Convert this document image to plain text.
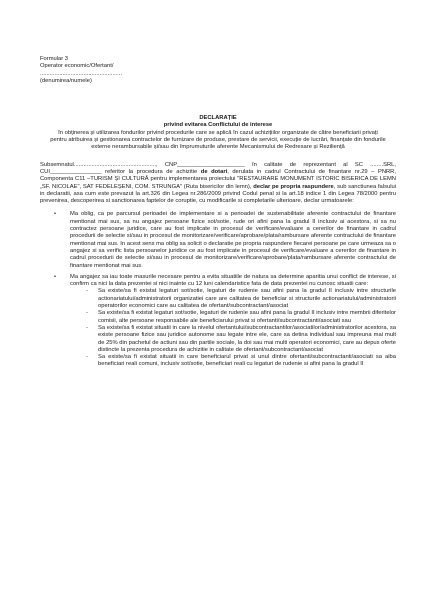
Formular 3
Operator economic/Ofertant/
...................................................
(denumirea/numele)
DECLARAȚIE
privind evitarea Conflictului de interese
în obținerea și utilizarea fondurilor privind procedurile care se aplică în cazul achizițiilor organizate de către beneficiarii privați pentru atribuirea și gestionarea contractelor de furnizare de produse, prestare de servicii, execuție de lucrări, finanțate din fondurile externe nerambursabile și/sau din împrumuturile aferente Mecanismului de Redresare și Reziliență
Subsemnatul..................................................., CNP_____________________ în calitate de reprezentant al SC ........SRL, CUI________________ referitor la procedura de achizitie de dotari, derulata in cadrul Contractului de finantare nr.29 – PNRR, Componenta C11 –TURISM ȘI CULTURĂ pentru implementarea proiectului "RESTAURARE MONUMENT ISTORIC BISERICA DE LEMN „SF. NICOLAE", SAT FEDELEȘENI, COM. STRUNGA" (Ruta bisericilor din lemn), declar pe propria raspundere, sub sanctiunea falsului in declaratii, asa cum este prevazut la art.326 din Legea nr.286/2009 privind Codul penal si la art.18 indice 1 din Legea 78/2000 pentru prevenirea, descoperirea si sanctionarea faptelor de coruptie, cu modificarile si completarile ulterioare, declar urmatoarele:
• Ma oblig, ca pe parcursul perioadei de implementare si a perioadei de sustenabilitate aferente contractului de finantare mentionat mai sus, sa nu angajez persoane fizice sot/sotie, rude ori afini pana la gradul II inclusiv ai acestora, si sa nu contractez persoane juridice, care au fost implicate in procesul de verificare/evaluare a cererilor de finantare in cadrul procedurii de selectie si/sau in procesul de monitorizare/verificare/aprobare/plata/rambursare aferente contractului de finantare mentionat mai sus. In acest sens ma oblig sa solicit o declaratie pe propria raspundere fiecarei persoane pe care urmeaza sa o angajez si sa verific lista persoanelor juridice ce au fost implicate in procesul de verificare/evaluare a cererilor de finantare in cadrul procedurii de selectie si/sau in procesul de monitorizare/verificare/aprobare/plata/rambursare aferente contractului de finantare mentionat mai sus.
• Ma angajez sa iau toate masurile necesare pentru a evita situatiile de natura sa determine aparitia unui conflict de interese, si confirm ca nici la data prezentei si nici inainte cu 12 luni calendaristice fata de data prezentei nu cunosc situatii care:
- Sa existe/sa fi existat legaturi sot/sotie, legaturi de rudenie sau afini pana la gradul II inclusiv intre structurile actionariatului/administratorii organizatiei care are calitatea de beneficiar si structurile actionariatului/administratorii operatorilor economici care au calitatea de ofertant/subcontractant/asociat
- Sa existe/sa fi existat legaturi sot/sotie, legaturi de rudenie sau afini pana la gradul II inclusiv intre membrii diferitelor comisii, alte persoane responsabile ale beneficiarului privat si ofertanti/subcontractanti/asociati sau
- Sa existe/sa fi existat situatii in care la nivelul ofertantului/subcontractantilor/asociatilor/administratorilor acestora, sa existe persoane fizice sau juridice autonome sau legate intre ele, care sa detina individual sau impreuna mai mult de 25% din pachetul de actiuni sau din partile sociale, la doi sau mai multi operatori economici, care au depus oferte distincte la prezenta procedura de achizitie in calitate de ofertant/subcontractant/asociat
- Sa existe/sa fi existat situatii in care beneficiarul privat si unul dintre ofertanti/subcontractanti/asociati sa aiba beneficiari reali comuni, inclusiv sot/sotie, beneficiari reali cu legaturi de rudenie si afini pana la gradul II
